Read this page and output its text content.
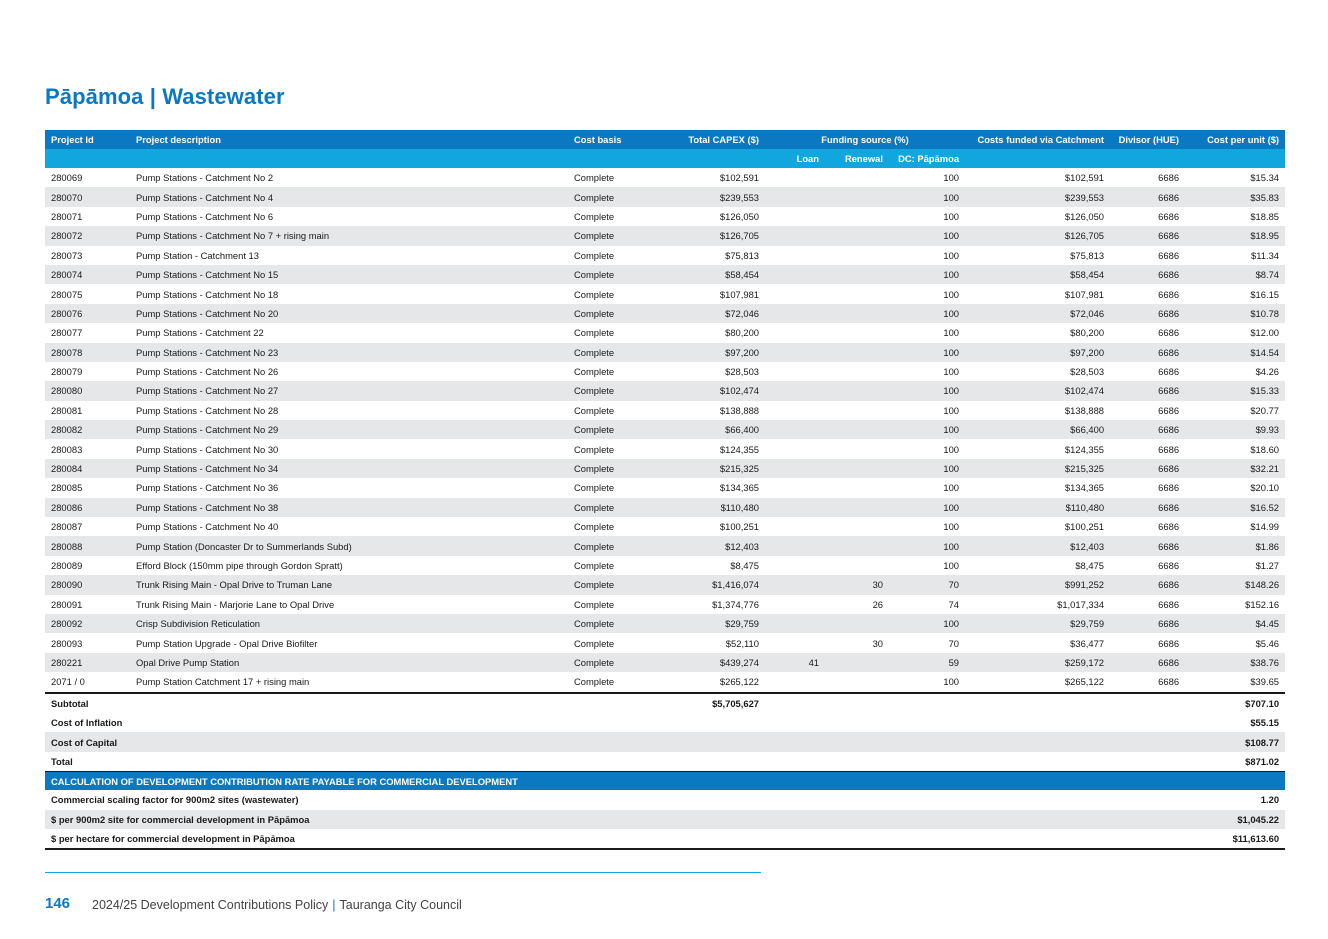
Pāpāmoa | Wastewater
Project Id	Project description	Cost basis	Total CAPEX ($)	Funding source (%)			Costs funded via Catchment	Divisor (HUE)	Cost per unit ($)
				Loan	Renewal	DC: Pāpāmoa			
280069	Pump Stations - Catchment No 2	Complete	$102,591			100	$102,591	6686	$15.34
280070	Pump Stations - Catchment No 4	Complete	$239,553			100	$239,553	6686	$35.83
280071	Pump Stations - Catchment No 6	Complete	$126,050			100	$126,050	6686	$18.85
280072	Pump Stations - Catchment No 7 + rising main	Complete	$126,705			100	$126,705	6686	$18.95
280073	Pump Station - Catchment 13	Complete	$75,813			100	$75,813	6686	$11.34
280074	Pump Stations - Catchment No 15	Complete	$58,454			100	$58,454	6686	$8.74
280075	Pump Stations - Catchment No 18	Complete	$107,981			100	$107,981	6686	$16.15
280076	Pump Stations - Catchment No 20	Complete	$72,046			100	$72,046	6686	$10.78
280077	Pump Stations - Catchment 22	Complete	$80,200			100	$80,200	6686	$12.00
280078	Pump Stations - Catchment No 23	Complete	$97,200			100	$97,200	6686	$14.54
280079	Pump Stations - Catchment No 26	Complete	$28,503			100	$28,503	6686	$4.26
280080	Pump Stations - Catchment No 27	Complete	$102,474			100	$102,474	6686	$15.33
280081	Pump Stations - Catchment No 28	Complete	$138,888			100	$138,888	6686	$20.77
280082	Pump Stations - Catchment No 29	Complete	$66,400			100	$66,400	6686	$9.93
280083	Pump Stations - Catchment No 30	Complete	$124,355			100	$124,355	6686	$18.60
280084	Pump Stations - Catchment No 34	Complete	$215,325			100	$215,325	6686	$32.21
280085	Pump Stations - Catchment No 36	Complete	$134,365			100	$134,365	6686	$20.10
280086	Pump Stations - Catchment No 38	Complete	$110,480			100	$110,480	6686	$16.52
280087	Pump Stations - Catchment No 40	Complete	$100,251			100	$100,251	6686	$14.99
280088	Pump Station (Doncaster Dr to Summerlands Subd)	Complete	$12,403			100	$12,403	6686	$1.86
280089	Efford Block (150mm pipe through Gordon Spratt)	Complete	$8,475			100	$8,475	6686	$1.27
280090	Trunk Rising Main - Opal Drive to Truman Lane	Complete	$1,416,074		30	70	$991,252	6686	$148.26
280091	Trunk Rising Main - Marjorie Lane to Opal Drive	Complete	$1,374,776		26	74	$1,017,334	6686	$152.16
280092	Crisp Subdivision Reticulation	Complete	$29,759			100	$29,759	6686	$4.45
280093	Pump Station Upgrade - Opal Drive Biofilter	Complete	$52,110		30	70	$36,477	6686	$5.46
280221	Opal Drive Pump Station	Complete	$439,274	41		59	$259,172	6686	$38.76
2071 / 0	Pump Station Catchment 17 + rising main	Complete	$265,122			100	$265,122	6686	$39.65
Subtotal			$5,705,627						$707.10
Cost of Inflation									$55.15
Cost of Capital									$108.77
Total									$871.02
CALCULATION OF DEVELOPMENT CONTRIBUTION RATE PAYABLE FOR COMMERCIAL DEVELOPMENT									
Commercial scaling factor for 900m2 sites (wastewater)									1.20
$ per 900m2 site for commercial development in Pāpāmoa									$1,045.22
$ per hectare for commercial development in Pāpāmoa									$11,613.60
146 2024/25 Development Contributions Policy | Tauranga City Council
